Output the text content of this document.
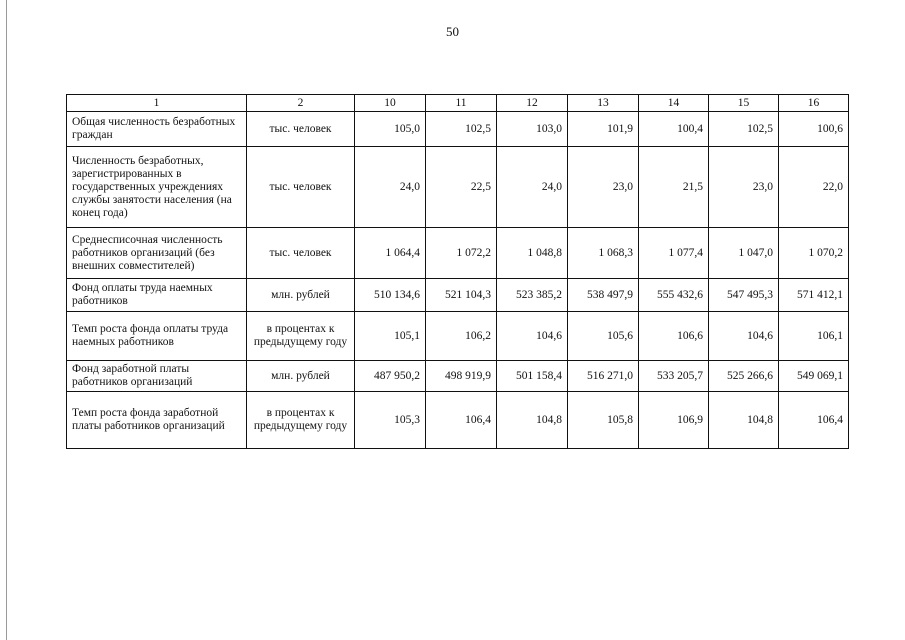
50
1	2	10	11	12	13	14	15	16
Общая численность безработных граждан	тыс. человек	105,0	102,5	103,0	101,9	100,4	102,5	100,6
Численность безработных, зарегистрированных в государственных учреждениях службы занятости населения (на конец года)	тыс. человек	24,0	22,5	24,0	23,0	21,5	23,0	22,0
Среднесписочная численность работников организаций (без внешних совместителей)	тыс. человек	1 064,4	1 072,2	1 048,8	1 068,3	1 077,4	1 047,0	1 070,2
Фонд оплаты труда наемных работников	млн. рублей	510 134,6	521 104,3	523 385,2	538 497,9	555 432,6	547 495,3	571 412,1
Темп роста фонда оплаты труда наемных работников	в процентах к предыдущему году	105,1	106,2	104,6	105,6	106,6	104,6	106,1
Фонд заработной платы работников организаций	млн. рублей	487 950,2	498 919,9	501 158,4	516 271,0	533 205,7	525 266,6	549 069,1
Темп роста фонда заработной платы работников организаций	в процентах к предыдущему году	105,3	106,4	104,8	105,8	106,9	104,8	106,4
